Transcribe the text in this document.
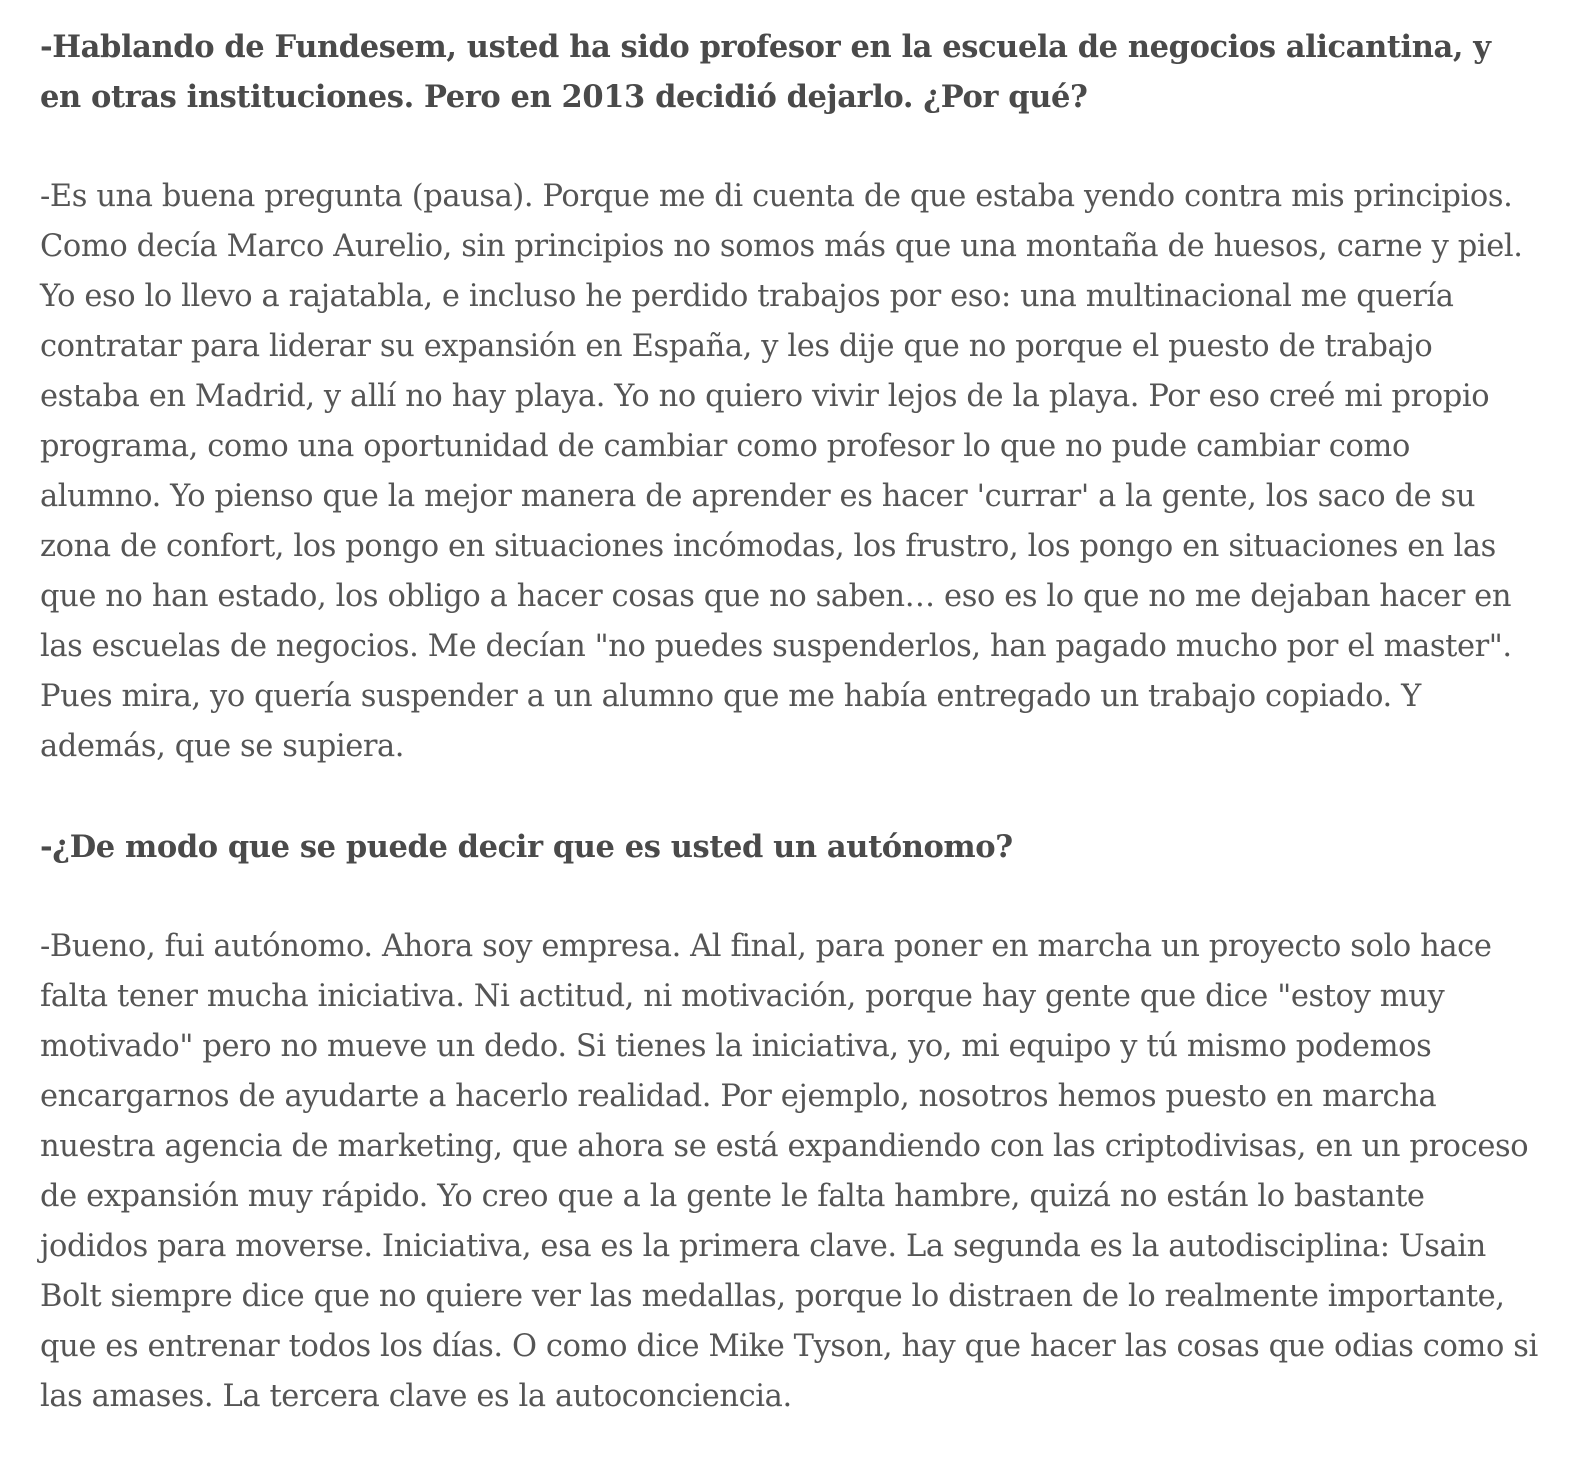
-Hablando de Fundesem, usted ha sido profesor en la escuela de negocios alicantina, y en otras instituciones. Pero en 2013 decidió dejarlo. ¿Por qué?

-Es una buena pregunta (pausa). Porque me di cuenta de que estaba yendo contra mis principios. Como decía Marco Aurelio, sin principios no somos más que una montaña de huesos, carne y piel. Yo eso lo llevo a rajatabla, e incluso he perdido trabajos por eso: una multinacional me quería contratar para liderar su expansión en España, y les dije que no porque el puesto de trabajo estaba en Madrid, y allí no hay playa. Yo no quiero vivir lejos de la playa. Por eso creé mi propio programa, como una oportunidad de cambiar como profesor lo que no pude cambiar como alumno. Yo pienso que la mejor manera de aprender es hacer 'currar' a la gente, los saco de su zona de confort, los pongo en situaciones incómodas, los frustro, los pongo en situaciones en las que no han estado, los obligo a hacer cosas que no saben… eso es lo que no me dejaban hacer en las escuelas de negocios. Me decían "no puedes suspenderlos, han pagado mucho por el master". Pues mira, yo quería suspender a un alumno que me había entregado un trabajo copiado. Y además, que se supiera.

-¿De modo que se puede decir que es usted un autónomo?

-Bueno, fui autónomo. Ahora soy empresa. Al final, para poner en marcha un proyecto solo hace falta tener mucha iniciativa. Ni actitud, ni motivación, porque hay gente que dice "estoy muy motivado" pero no mueve un dedo. Si tienes la iniciativa, yo, mi equipo y tú mismo podemos encargarnos de ayudarte a hacerlo realidad. Por ejemplo, nosotros hemos puesto en marcha nuestra agencia de marketing, que ahora se está expandiendo con las criptodivisas, en un proceso de expansión muy rápido. Yo creo que a la gente le falta hambre, quizá no están lo bastante jodidos para moverse. Iniciativa, esa es la primera clave. La segunda es la autodisciplina: Usain Bolt siempre dice que no quiere ver las medallas, porque lo distraen de lo realmente importante, que es entrenar todos los días. O como dice Mike Tyson, hay que hacer las cosas que odias como si las amases. La tercera clave es la autoconciencia.
